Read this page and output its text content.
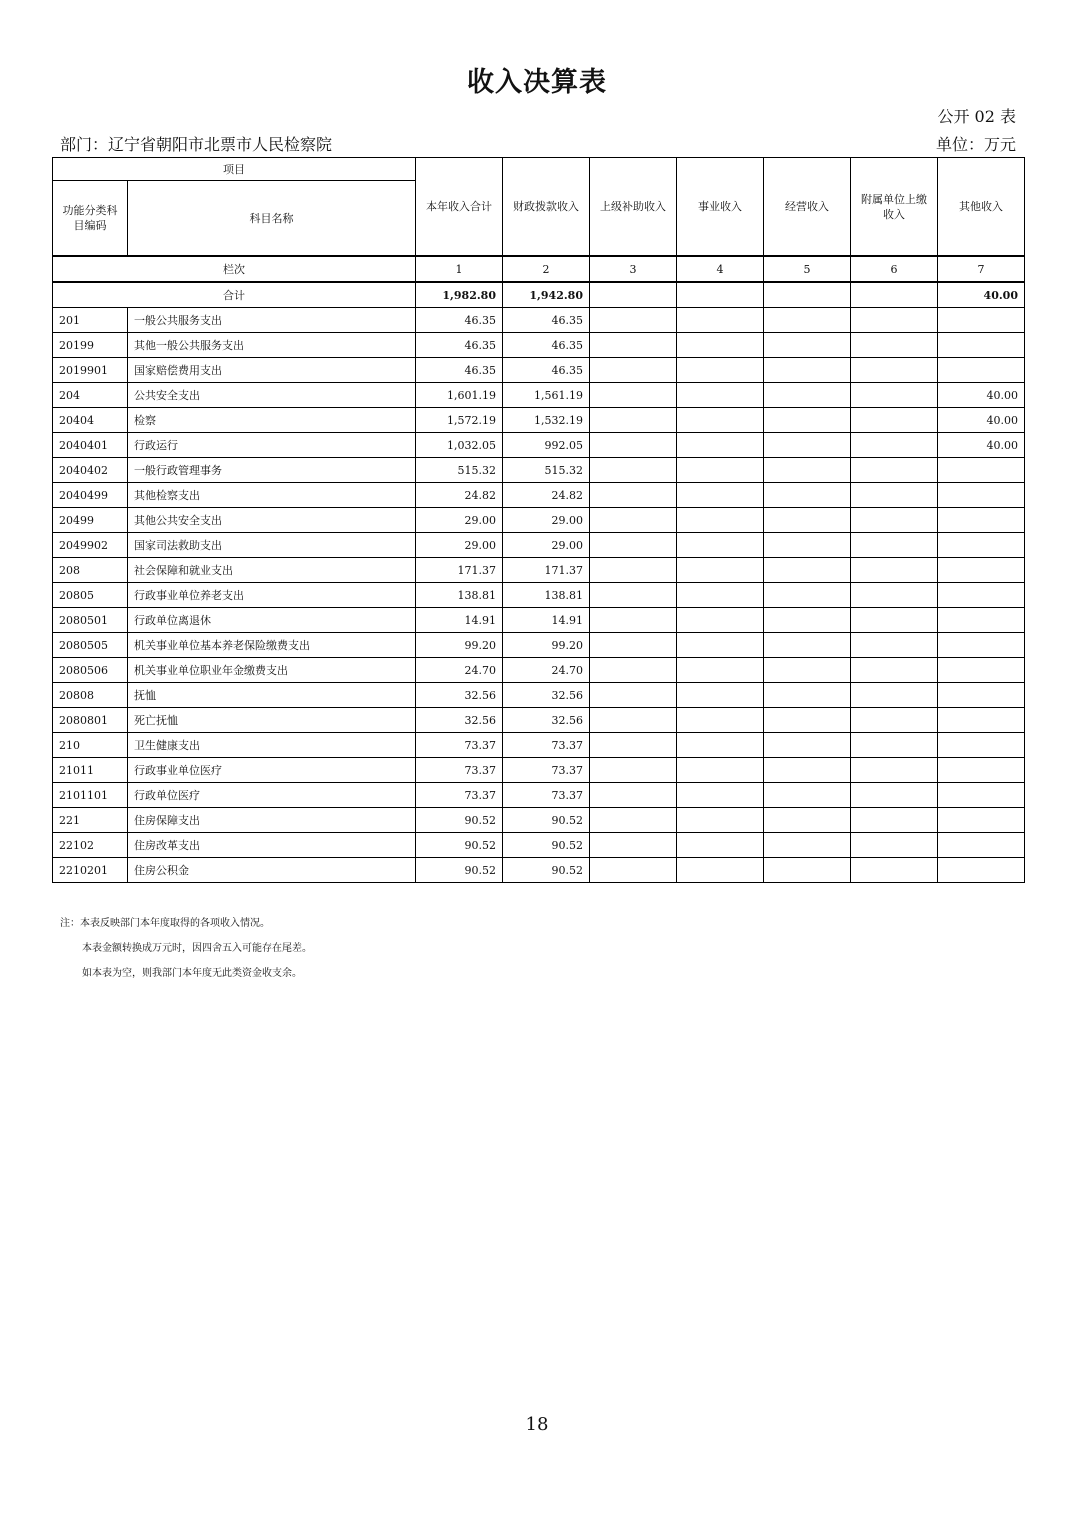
收入决算表
公开 02 表
部门：辽宁省朝阳市北票市人民检察院	单位：万元
项目		本年收入合计	财政拨款收入	上级补助收入	事业收入	经营收入	附属单位上缴收入	其他收入
功能分类科目编码	科目名称							
栏次		1	2	3	4	5	6	7
合计		1,982.80	1,942.80					40.00
201	一般公共服务支出	46.35	46.35					
20199	其他一般公共服务支出	46.35	46.35					
2019901	国家赔偿费用支出	46.35	46.35					
204	公共安全支出	1,601.19	1,561.19					40.00
20404	检察	1,572.19	1,532.19					40.00
2040401	行政运行	1,032.05	992.05					40.00
2040402	一般行政管理事务	515.32	515.32					
2040499	其他检察支出	24.82	24.82					
20499	其他公共安全支出	29.00	29.00					
2049902	国家司法救助支出	29.00	29.00					
208	社会保障和就业支出	171.37	171.37					
20805	行政事业单位养老支出	138.81	138.81					
2080501	行政单位离退休	14.91	14.91					
2080505	机关事业单位基本养老保险缴费支出	99.20	99.20					
2080506	机关事业单位职业年金缴费支出	24.70	24.70					
20808	抚恤	32.56	32.56					
2080801	死亡抚恤	32.56	32.56					
210	卫生健康支出	73.37	73.37					
21011	行政事业单位医疗	73.37	73.37					
2101101	行政单位医疗	73.37	73.37					
221	住房保障支出	90.52	90.52					
22102	住房改革支出	90.52	90.52					
2210201	住房公积金	90.52	90.52					
注：本表反映部门本年度取得的各项收入情况。
本表金额转换成万元时，因四舍五入可能存在尾差。
如本表为空，则我部门本年度无此类资金收支余。
18
